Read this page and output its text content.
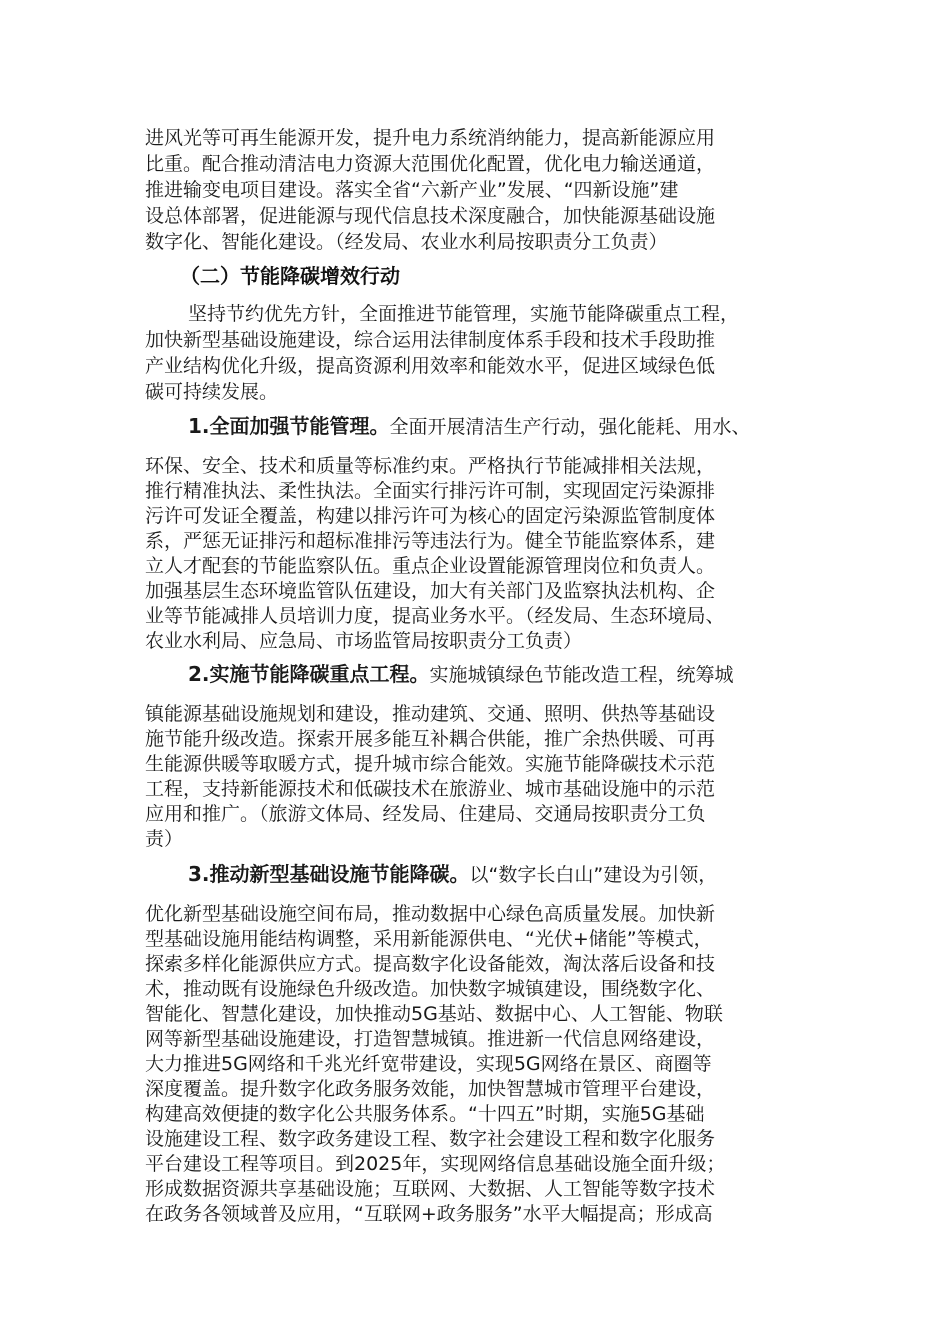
进风光等可再生能源开发，提升电力系统消纳能力，提高新能源应用
比重。配合推动清洁电力资源大范围优化配置，优化电力输送通道，
推进输变电项目建设。落实全省“六新产业”发展、“四新设施”建
设总体部署，促进能源与现代信息技术深度融合，加快能源基础设施
数字化、智能化建设。（经发局、农业水利局按职责分工负责）
（二）节能降碳增效行动
坚持节约优先方针，全面推进节能管理，实施节能降碳重点工程，
加快新型基础设施建设，综合运用法律制度体系手段和技术手段助推
产业结构优化升级，提高资源利用效率和能效水平，促进区域绿色低
碳可持续发展。
1.全面加强节能管理。全面开展清洁生产行动，强化能耗、用水、
环保、安全、技术和质量等标准约束。严格执行节能减排相关法规，
推行精准执法、柔性执法。全面实行排污许可制，实现固定污染源排
污许可发证全覆盖，构建以排污许可为核心的固定污染源监管制度体
系，严惩无证排污和超标准排污等违法行为。健全节能监察体系，建
立人才配套的节能监察队伍。重点企业设置能源管理岗位和负责人。
加强基层生态环境监管队伍建设，加大有关部门及监察执法机构、企
业等节能减排人员培训力度，提高业务水平。（经发局、生态环境局、
农业水利局、应急局、市场监管局按职责分工负责）
2.实施节能降碳重点工程。实施城镇绿色节能改造工程，统筹城
镇能源基础设施规划和建设，推动建筑、交通、照明、供热等基础设
施节能升级改造。探索开展多能互补耦合供能，推广余热供暖、可再
生能源供暖等取暖方式，提升城市综合能效。实施节能降碳技术示范
工程，支持新能源技术和低碳技术在旅游业、城市基础设施中的示范
应用和推广。（旅游文体局、经发局、住建局、交通局按职责分工负
责）
3.推动新型基础设施节能降碳。以“数字长白山”建设为引领，
优化新型基础设施空间布局，推动数据中心绿色高质量发展。加快新
型基础设施用能结构调整，采用新能源供电、“光伏+储能”等模式，
探索多样化能源供应方式。提高数字化设备能效，淘汰落后设备和技
术，推动既有设施绿色升级改造。加快数字城镇建设，围绕数字化、
智能化、智慧化建设，加快推动5G基站、数据中心、人工智能、物联
网等新型基础设施建设，打造智慧城镇。推进新一代信息网络建设，
大力推进5G网络和千兆光纤宽带建设，实现5G网络在景区、商圈等
深度覆盖。提升数字化政务服务效能，加快智慧城市管理平台建设，
构建高效便捷的数字化公共服务体系。“十四五”时期，实施5G基础
设施建设工程、数字政务建设工程、数字社会建设工程和数字化服务
平台建设工程等项目。到2025年，实现网络信息基础设施全面升级；
形成数据资源共享基础设施；互联网、大数据、人工智能等数字技术
在政务各领域普及应用，“互联网+政务服务”水平大幅提高；形成高
